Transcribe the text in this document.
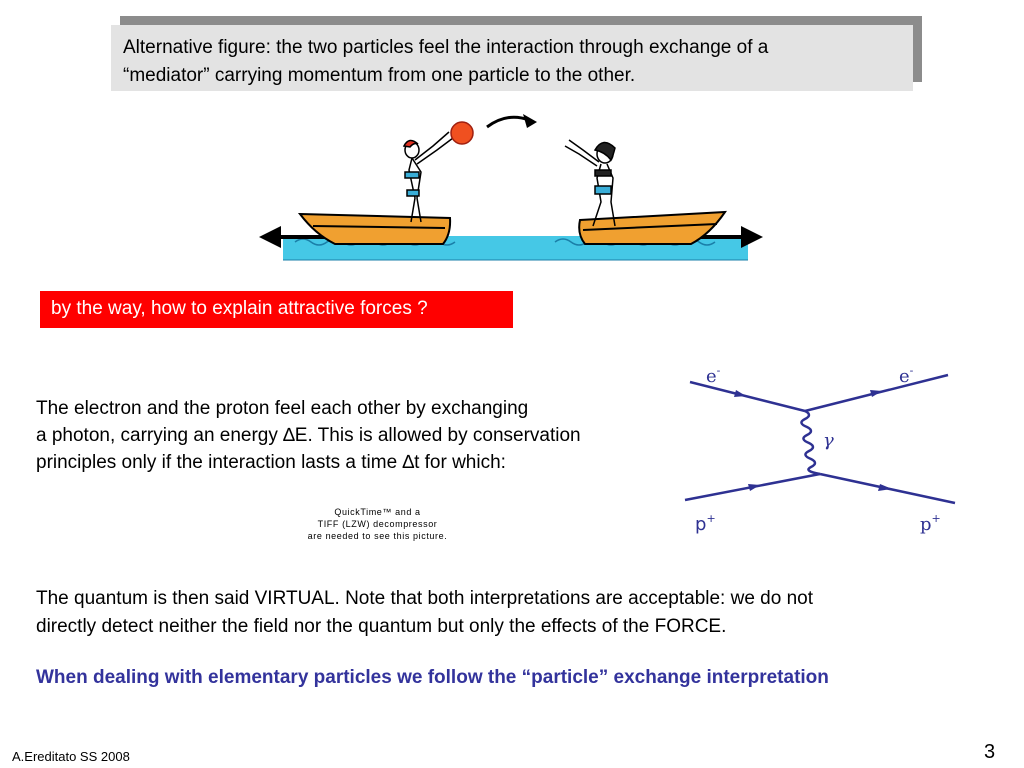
Alternative figure: the two particles feel the interaction through exchange of a
“mediator” carrying momentum from one particle to the other.
by the way, how to explain attractive forces ?
The electron and the proton feel each other by exchanging
a photon, carrying an energy ∆E. This is allowed by conservation
principles only if the interaction lasts a time ∆t for which:
QuickTime™ and a
TIFF (LZW) decompressor
are needed to see this picture.
e-	e-
p+	p+
γ
The quantum is then said VIRTUAL. Note that both interpretations are acceptable: we do not
directly detect neither the field nor the quantum but only the effects of the FORCE.
When dealing with elementary particles we follow the “particle” exchange interpretation
A.Ereditato SS 2008	3
